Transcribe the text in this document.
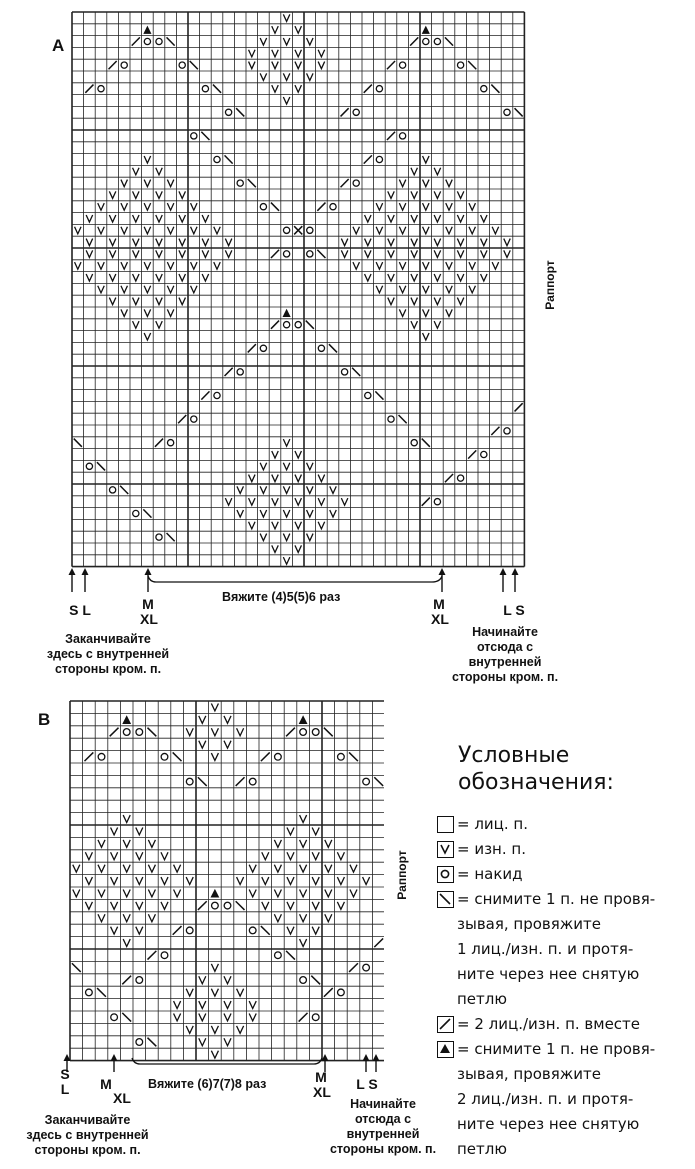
A
Раппорт
S L	M
XL
Вяжите (4)5(5)6 раз	M
XL
L S
Заканчивайте
здесь с внутренней
стороны кром. п.
Начинайте
отсюда с
внутренней
стороны кром. п.
B
Раппорт
S
L M
XL
Вяжите (6)7(7)8 раз	M
XL	L S
Заканчивайте
здесь с внутренней
стороны кром. п.
Начинайте
отсюда с
внутренней
стороны кром. п.
Условные
обозначения:
= лиц. п.
= изн. п.
= накид
= снимите 1 п. не провя-
зывая, провяжите
1 лиц./изн. п. и протя-
ните через нее снятую
петлю
= 2 лиц./изн. п. вместе
= снимите 1 п. не провя-
зывая, провяжите
2 лиц./изн. п. и протя-
ните через нее снятую
петлю
